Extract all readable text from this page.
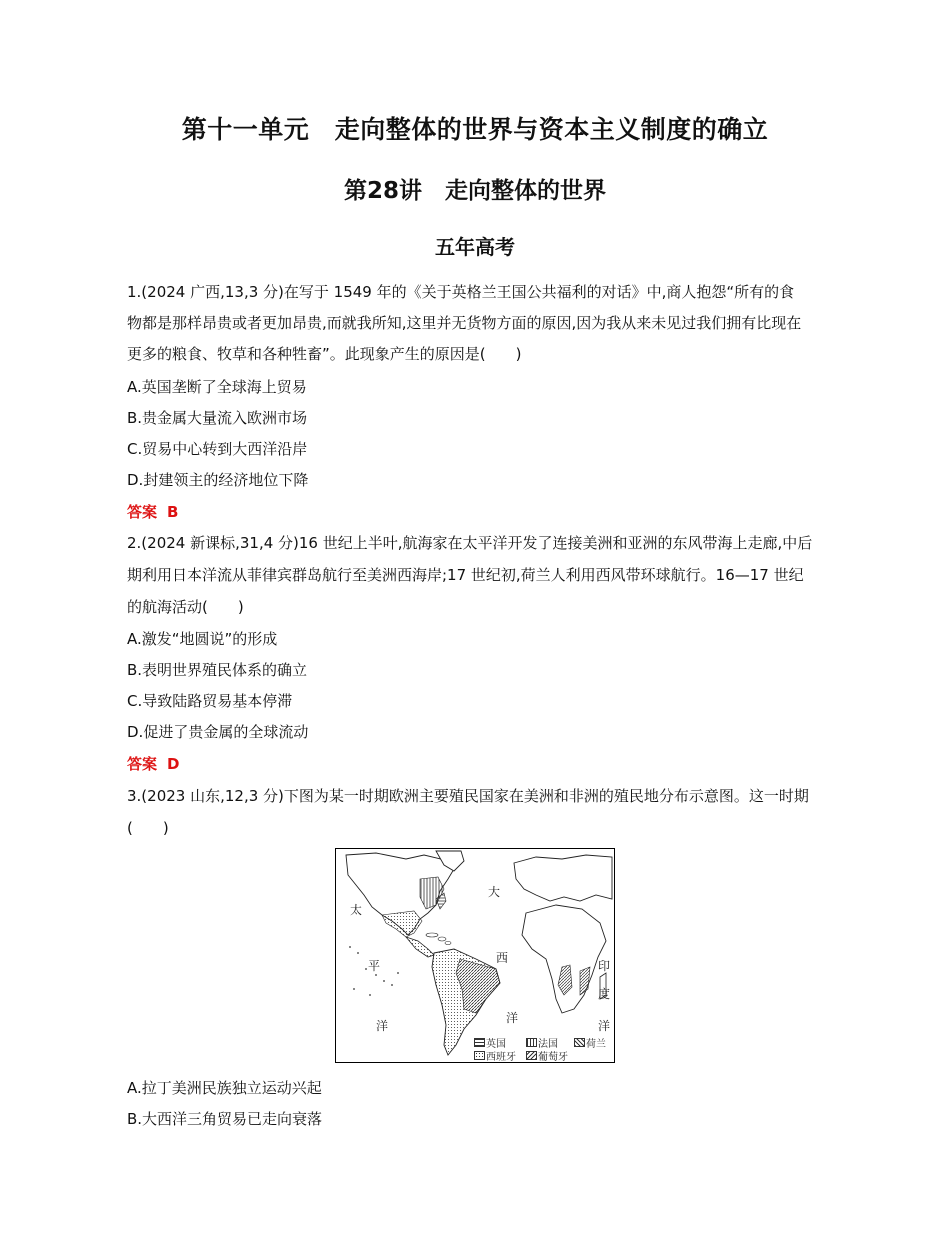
第十一单元　走向整体的世界与资本主义制度的确立
第28讲　走向整体的世界
五年高考
1.(2024 广西,13,3 分)在写于 1549 年的《关于英格兰王国公共福利的对话》中,商人抱怨“所有的食
物都是那样昂贵或者更加昂贵,而就我所知,这里并无货物方面的原因,因为我从来未见过我们拥有比现在
更多的粮食、牧草和各种牲畜”。此现象产生的原因是(　　)
A.英国垄断了全球海上贸易
B.贵金属大量流入欧洲市场
C.贸易中心转到大西洋沿岸
D.封建领主的经济地位下降
答案 B
2.(2024 新课标,31,4 分)16 世纪上半叶,航海家在太平洋开发了连接美洲和亚洲的东风带海上走廊,中后
期利用日本洋流从菲律宾群岛航行至美洲西海岸;17 世纪初,荷兰人利用西风带环球航行。16—17 世纪
的航海活动(　　)
A.激发“地圆说”的形成
B.表明世界殖民体系的确立
C.导致陆路贸易基本停滞
D.促进了贵金属的全球流动
答案 D
3.(2023 山东,12,3 分)下图为某一时期欧洲主要殖民国家在美洲和非洲的殖民地分布示意图。这一时期
(　　)
太
平
洋
大
西
洋
印
度
洋
英国	法国	荷兰
西班牙 葡萄牙
A.拉丁美洲民族独立运动兴起
B.大西洋三角贸易已走向衰落
